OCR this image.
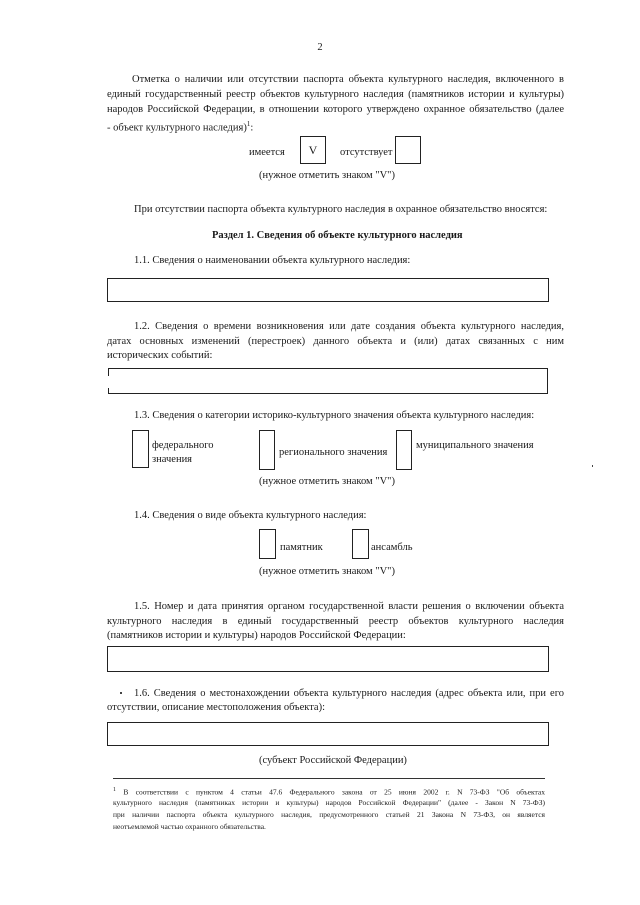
2
Отметка о наличии или отсутствии паспорта объекта культурного наследия, включенного в
единый государственный реестр объектов культурного наследия (памятников истории и культуры)
народов Российской Федерации, в отношении которого утверждено охранное обязательство (далее
- объект культурного наследия)$^1$:
имеется	V	отсутствует
(нужное отметить знаком "V")
При отсутствии паспорта объекта культурного наследия в охранное обязательство вносятся:
Раздел 1. Сведения об объекте культурного наследия
1.1. Сведения о наименовании объекта культурного наследия:
1.2. Сведения о времени возникновения или дате создания объекта культурного наследия,
датах основных изменений (перестроек) данного объекта и (или) датах связанных с ним
исторических событий:
1.3. Сведения о категории историко-культурного значения объекта культурного наследия:
федерального
значения
регионального значения
муниципального значения
(нужное отметить знаком "V")
1.4. Сведения о виде объекта культурного наследия:
памятник	ансамбль
(нужное отметить знаком "V")
1.5. Номер и дата принятия органом государственной власти решения о включении объекта
культурного наследия в единый государственный реестр объектов культурного наследия
(памятников истории и культуры) народов Российской Федерации:
1.6. Сведения о местонахождении объекта культурного наследия (адрес объекта или, при его
отсутствии, описание местоположения объекта):
(субъект Российской Федерации)
$^1$ В соответствии с пунктом 4 статьи 47.6 Федерального закона от 25 июня 2002 г. N 73-ФЗ "Об объектах
культурного наследия (памятниках истории и культуры) народов Российской Федерации" (далее - Закон N 73-ФЗ)
при наличии паспорта объекта культурного наследия, предусмотренного статьей 21 Закона N 73-ФЗ, он является
неотъемлемой частью охранного обязательства.
